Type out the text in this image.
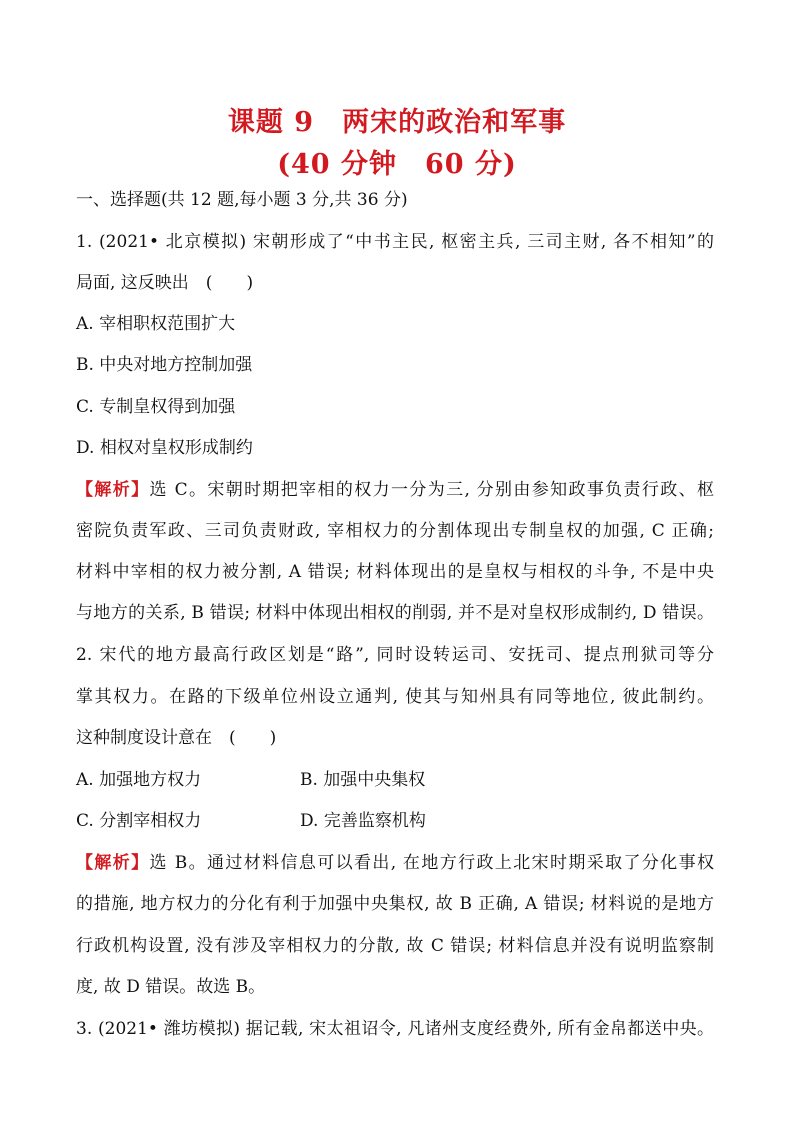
课题 9　两宋的政治和军事
(40 分钟　60 分)
一、选择题(共 12 题,每小题 3 分,共 36 分)
1. (2021• 北京模拟) 宋朝形成了“中书主民, 枢密主兵, 三司主财, 各不相知”的
局面, 这反映出　(　　)
A. 宰相职权范围扩大
B. 中央对地方控制加强
C. 专制皇权得到加强
D. 相权对皇权形成制约
【解析】选 C。宋朝时期把宰相的权力一分为三, 分别由参知政事负责行政、枢
密院负责军政、三司负责财政, 宰相权力的分割体现出专制皇权的加强, C 正确;
材料中宰相的权力被分割, A 错误; 材料体现出的是皇权与相权的斗争, 不是中央
与地方的关系, B 错误; 材料中体现出相权的削弱, 并不是对皇权形成制约, D 错误。
2. 宋代的地方最高行政区划是“路”, 同时设转运司、安抚司、提点刑狱司等分
掌其权力。在路的下级单位州设立通判, 使其与知州具有同等地位, 彼此制约。
这种制度设计意在　(　　)
A. 加强地方权力	B. 加强中央集权
C. 分割宰相权力	D. 完善监察机构
【解析】选 B。通过材料信息可以看出, 在地方行政上北宋时期采取了分化事权
的措施, 地方权力的分化有利于加强中央集权, 故 B 正确, A 错误; 材料说的是地方
行政机构设置, 没有涉及宰相权力的分散, 故 C 错误; 材料信息并没有说明监察制
度, 故 D 错误。故选 B。
3. (2021• 潍坊模拟) 据记载, 宋太祖诏令, 凡诸州支度经费外, 所有金帛都送中央。
